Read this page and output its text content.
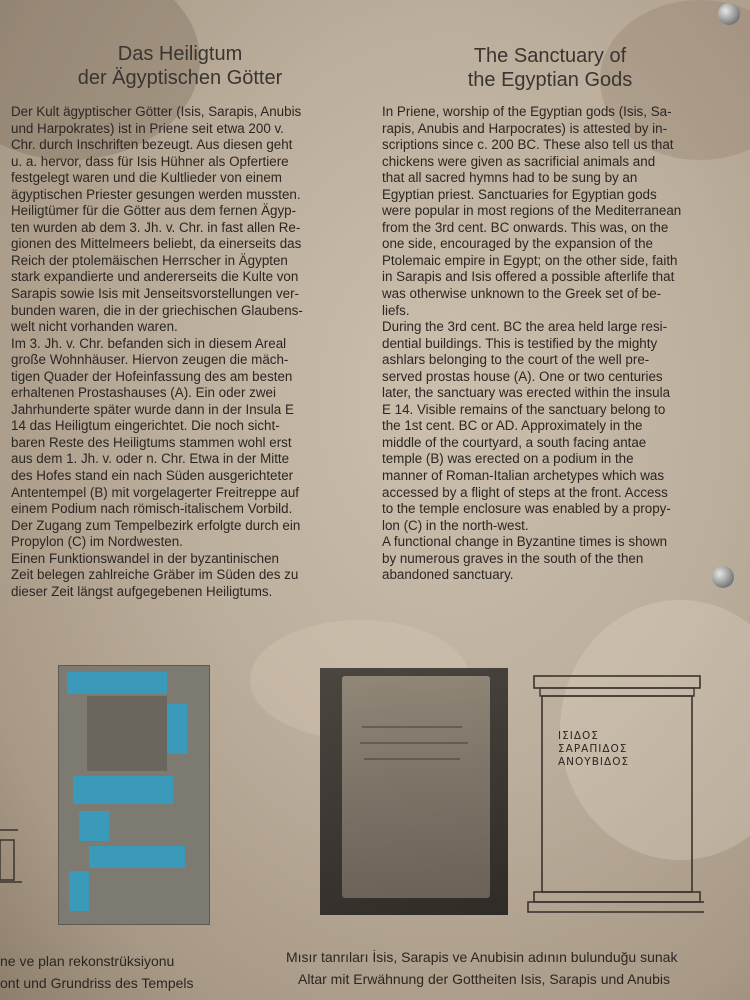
Das Heiligtum
der Ägyptischen Götter

Der Kult ägyptischer Götter (Isis, Sarapis, Anubis
und Harpokrates) ist in Priene seit etwa 200 v.
Chr. durch Inschriften bezeugt. Aus diesen geht
u. a. hervor, dass für Isis Hühner als Opfertiere
festgelegt waren und die Kultlieder von einem
ägyptischen Priester gesungen werden mussten.
Heiligtümer für die Götter aus dem fernen Ägyp-
ten wurden ab dem 3. Jh. v. Chr. in fast allen Re-
gionen des Mittelmeers beliebt, da einerseits das
Reich der ptolemäischen Herrscher in Ägypten
stark expandierte und andererseits die Kulte von
Sarapis sowie Isis mit Jenseitsvorstellungen ver-
bunden waren, die in der griechischen Glaubens-
welt nicht vorhanden waren.

Im 3. Jh. v. Chr. befanden sich in diesem Areal
große Wohnhäuser. Hiervon zeugen die mäch-
tigen Quader der Hofeinfassung des am besten
erhaltenen Prostashauses (A). Ein oder zwei
Jahrhunderte später wurde dann in der Insula E
14 das Heiligtum eingerichtet. Die noch sicht-
baren Reste des Heiligtums stammen wohl erst
aus dem 1. Jh. v. oder n. Chr. Etwa in der Mitte
des Hofes stand ein nach Süden ausgerichteter
Antentempel (B) mit vorgelagerter Freitreppe auf
einem Podium nach römisch-italischem Vorbild.
Der Zugang zum Tempelbezirk erfolgte durch ein
Propylon (C) im Nordwesten.

Einen Funktionswandel in der byzantinischen
Zeit belegen zahlreiche Gräber im Süden des zu
dieser Zeit längst aufgegebenen Heiligtums.

The Sanctuary of
the Egyptian Gods

In Priene, worship of the Egyptian gods (Isis, Sa-
rapis, Anubis and Harpocrates) is attested by in-
scriptions since c. 200 BC. These also tell us that
chickens were given as sacrificial animals and
that all sacred hymns had to be sung by an
Egyptian priest. Sanctuaries for Egyptian gods
were popular in most regions of the Mediterranean
from the 3rd cent. BC onwards. This was, on the
one side, encouraged by the expansion of the
Ptolemaic empire in Egypt; on the other side, faith
in Sarapis and Isis offered a possible afterlife that
was otherwise unknown to the Greek set of be-
liefs.

During the 3rd cent. BC the area held large resi-
dential buildings. This is testified by the mighty
ashlars belonging to the court of the well pre-
served prostas house (A). One or two centuries
later, the sanctuary was erected within the insula
E 14. Visible remains of the sanctuary belong to
the 1st cent. BC or AD. Approximately in the
middle of the courtyard, a south facing antae
temple (B) was erected on a podium in the
manner of Roman-Italian archetypes which was
accessed by a flight of steps at the front. Access
to the temple enclosure was enabled by a propy-
lon (C) in the north-west.

A functional change in Byzantine times is shown
by numerous graves in the south of the then
abandoned sanctuary.

ΙΣΙΔΟΣ
ΣΑΡΑΠΙΔΟΣ
ΑΝΟΥΒΙΔΟΣ
ne ve plan rekonstrüksiyonu
ont und Grundriss des Tempels
Mısır tanrıları İsis, Sarapis ve Anubisin adının bulunduğu sunak
Altar mit Erwähnung der Gottheiten Isis, Sarapis und Anubis
